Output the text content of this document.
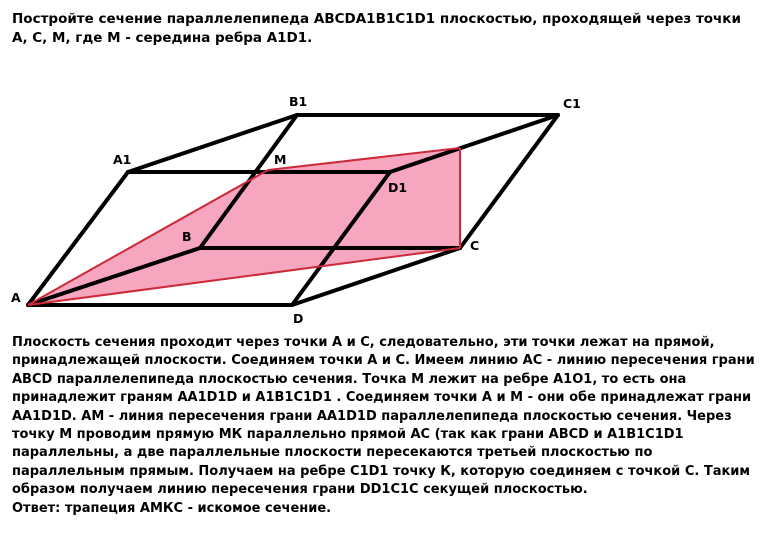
Постройте сечение параллелепипеда ABCDA1B1C1D1 плоскостью, проходящей через точки А, С, М, где М - середина ребра A1D1.

A
B
C
D
A1
B1	C1
D1
M

Плоскость сечения проходит через точки А и С, следовательно, эти точки лежат на прямой, принадлежащей плоскости. Соединяем точки А и С. Имеем линию АС - линию пересечения грани ABCD параллелепипеда плоскостью сечения. Точка М лежит на ребре A1O1, то есть она принадлежит граням AA1D1D и A1B1C1D1 . Соединяем точки A и M - они обе принадлежат грани AA1D1D. АМ - линия пересечения грани AA1D1D параллелепипеда плоскостью сечения. Через точку М проводим прямую МК параллельно прямой АС (так как грани ABCD и A1B1C1D1 параллельны, а две параллельные плоскости пересекаются третьей плоскостью по параллельным прямым. Получаем на ребре C1D1 точку К, которую соединяем с точкой С. Таким образом получаем линию пересечения грани DD1C1C секущей плоскостью.

Ответ: трапеция АМКС - искомое сечение.
